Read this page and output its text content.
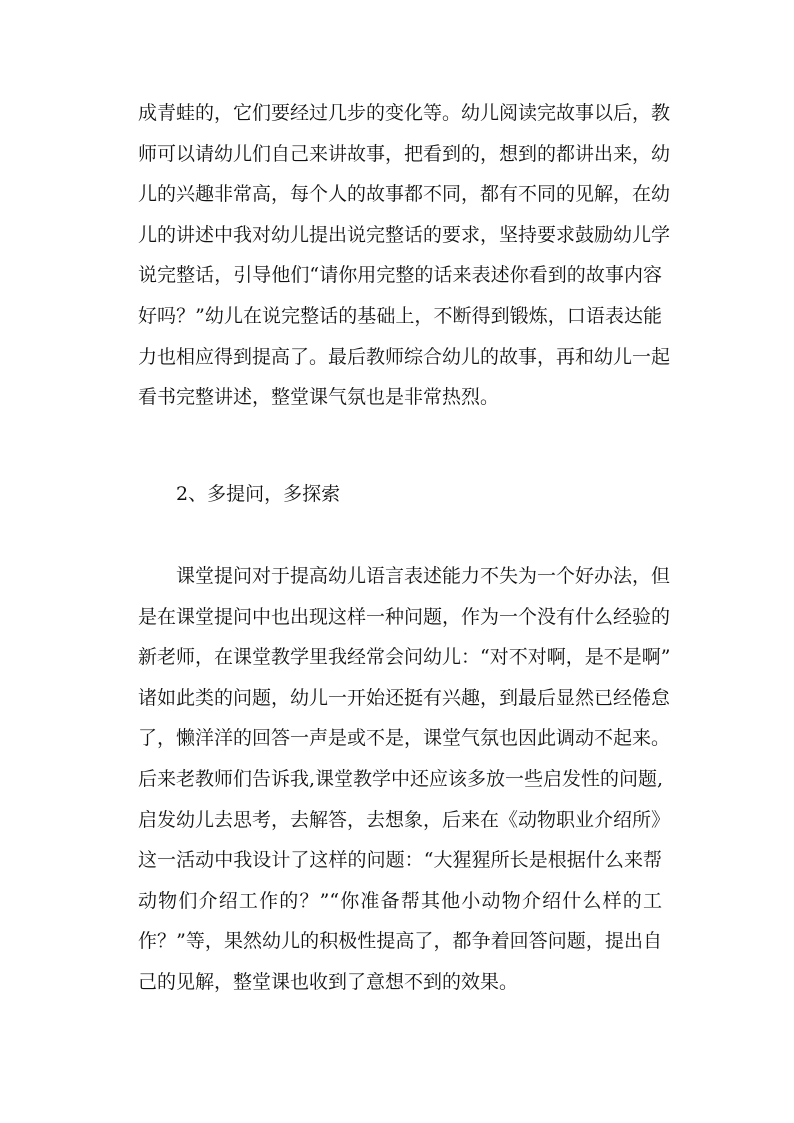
成青蛙的，它们要经过几步的变化等。幼儿阅读完故事以后，教
师可以请幼儿们自己来讲故事，把看到的，想到的都讲出来，幼
儿的兴趣非常高，每个人的故事都不同，都有不同的见解，在幼
儿的讲述中我对幼儿提出说完整话的要求，坚持要求鼓励幼儿学
说完整话，引导他们“请你用完整的话来表述你看到的故事内容
好吗？”幼儿在说完整话的基础上，不断得到锻炼，口语表达能
力也相应得到提高了。最后教师综合幼儿的故事，再和幼儿一起
看书完整讲述，整堂课气氛也是非常热烈。
2、多提问，多探索
课堂提问对于提高幼儿语言表述能力不失为一个好办法，但
是在课堂提问中也出现这样一种问题，作为一个没有什么经验的
新老师，在课堂教学里我经常会问幼儿：“对不对啊，是不是啊”
诸如此类的问题，幼儿一开始还挺有兴趣，到最后显然已经倦怠
了，懒洋洋的回答一声是或不是，课堂气氛也因此调动不起来。
后来老教师们告诉我,课堂教学中还应该多放一些启发性的问题,
启发幼儿去思考，去解答，去想象，后来在《动物职业介绍所》
这一活动中我设计了这样的问题：“大猩猩所长是根据什么来帮
动物们介绍工作的？”“你准备帮其他小动物介绍什么样的工
作？”等，果然幼儿的积极性提高了，都争着回答问题，提出自
己的见解，整堂课也收到了意想不到的效果。
